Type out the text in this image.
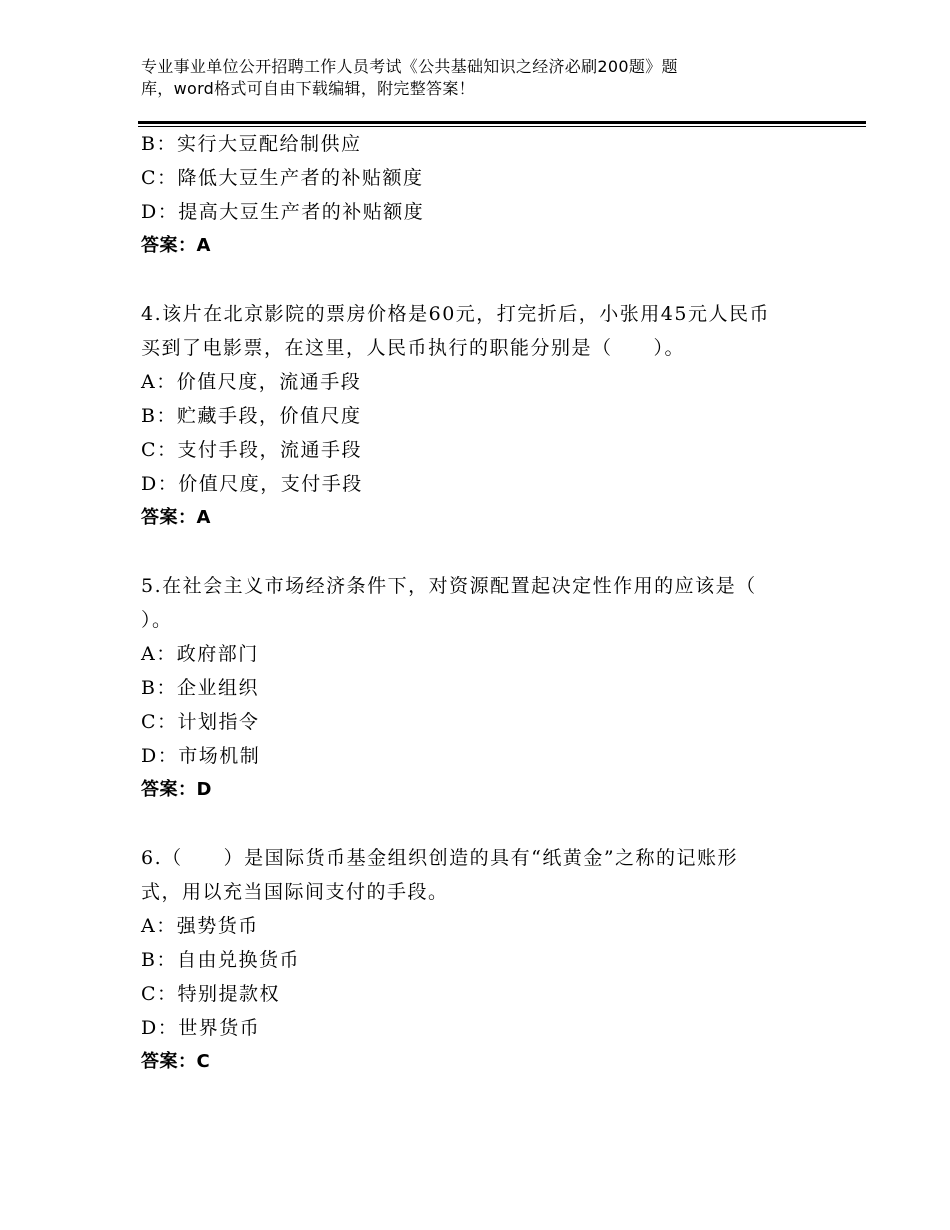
专业事业单位公开招聘工作人员考试《公共基础知识之经济必刷200题》题
库，word格式可自由下载编辑，附完整答案！
B：实行大豆配给制供应
C：降低大豆生产者的补贴额度
D：提高大豆生产者的补贴额度
答案：A
4.该片在北京影院的票房价格是60元，打完折后，小张用45元人民币
买到了电影票，在这里，人民币执行的职能分别是（　　）。
A：价值尺度，流通手段
B：贮藏手段，价值尺度
C：支付手段，流通手段
D：价值尺度，支付手段
答案：A
5.在社会主义市场经济条件下，对资源配置起决定性作用的应该是（
）。
A：政府部门
B：企业组织
C：计划指令
D：市场机制
答案：D
6.（　　）是国际货币基金组织创造的具有“纸黄金”之称的记账形
式，用以充当国际间支付的手段。
A：强势货币
B：自由兑换货币
C：特别提款权
D：世界货币
答案：C
